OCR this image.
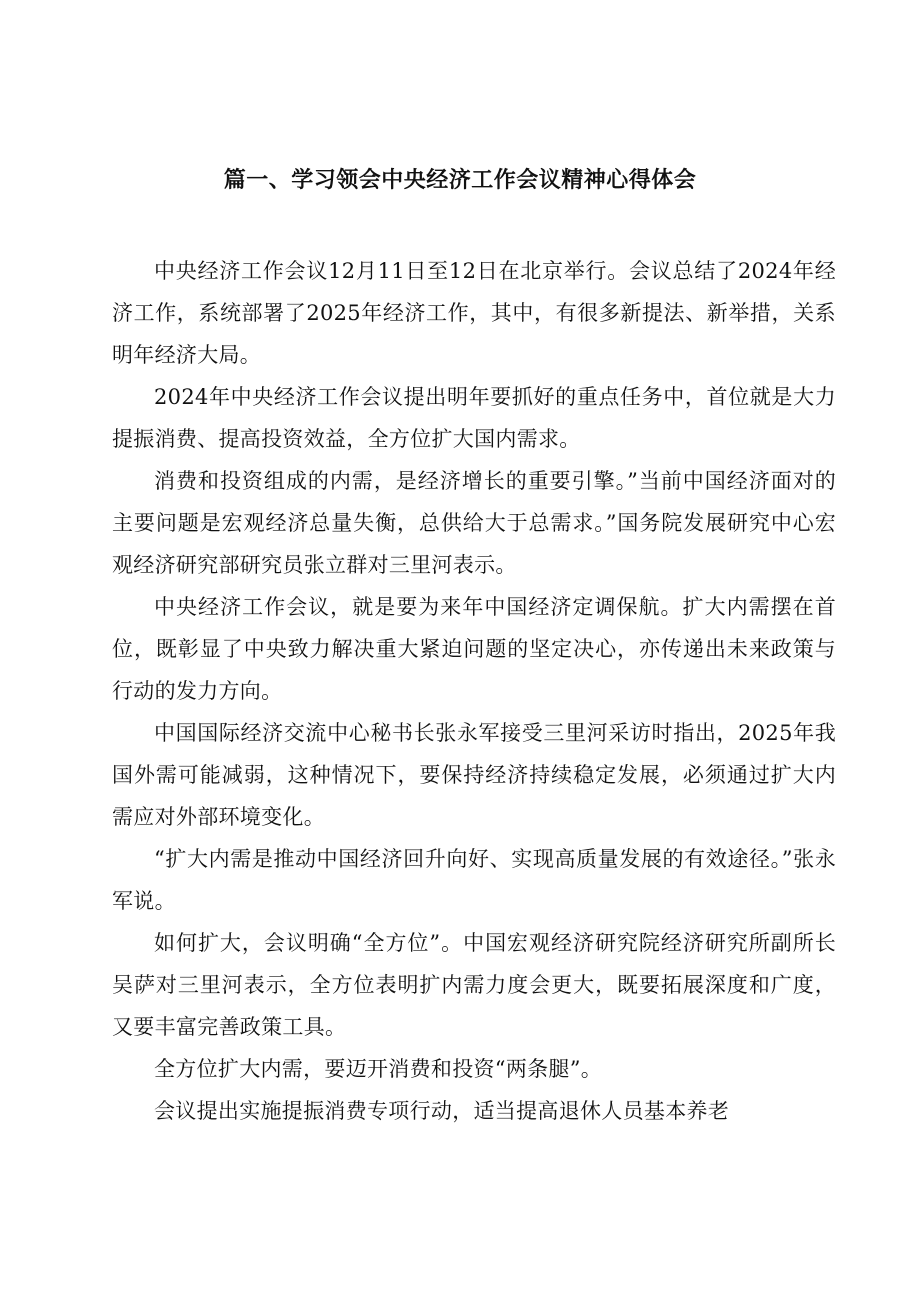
篇一、学习领会中央经济工作会议精神心得体会

中央经济工作会议12月11日至12日在北京举行。会议总结了2024年经济工作，系统部署了2025年经济工作，其中，有很多新提法、新举措，关系明年经济大局。

2024年中央经济工作会议提出明年要抓好的重点任务中，首位就是大力提振消费、提高投资效益，全方位扩大国内需求。

消费和投资组成的内需，是经济增长的重要引擎。”当前中国经济面对的主要问题是宏观经济总量失衡，总供给大于总需求。”国务院发展研究中心宏观经济研究部研究员张立群对三里河表示。

中央经济工作会议，就是要为来年中国经济定调保航。扩大内需摆在首位，既彰显了中央致力解决重大紧迫问题的坚定决心，亦传递出未来政策与行动的发力方向。

中国国际经济交流中心秘书长张永军接受三里河采访时指出，2025年我国外需可能减弱，这种情况下，要保持经济持续稳定发展，必须通过扩大内需应对外部环境变化。

“扩大内需是推动中国经济回升向好、实现高质量发展的有效途径。”张永军说。

如何扩大，会议明确“全方位”。中国宏观经济研究院经济研究所副所长吴萨对三里河表示，全方位表明扩内需力度会更大，既要拓展深度和广度，又要丰富完善政策工具。

全方位扩大内需，要迈开消费和投资“两条腿”。

会议提出实施提振消费专项行动，适当提高退休人员基本养老
